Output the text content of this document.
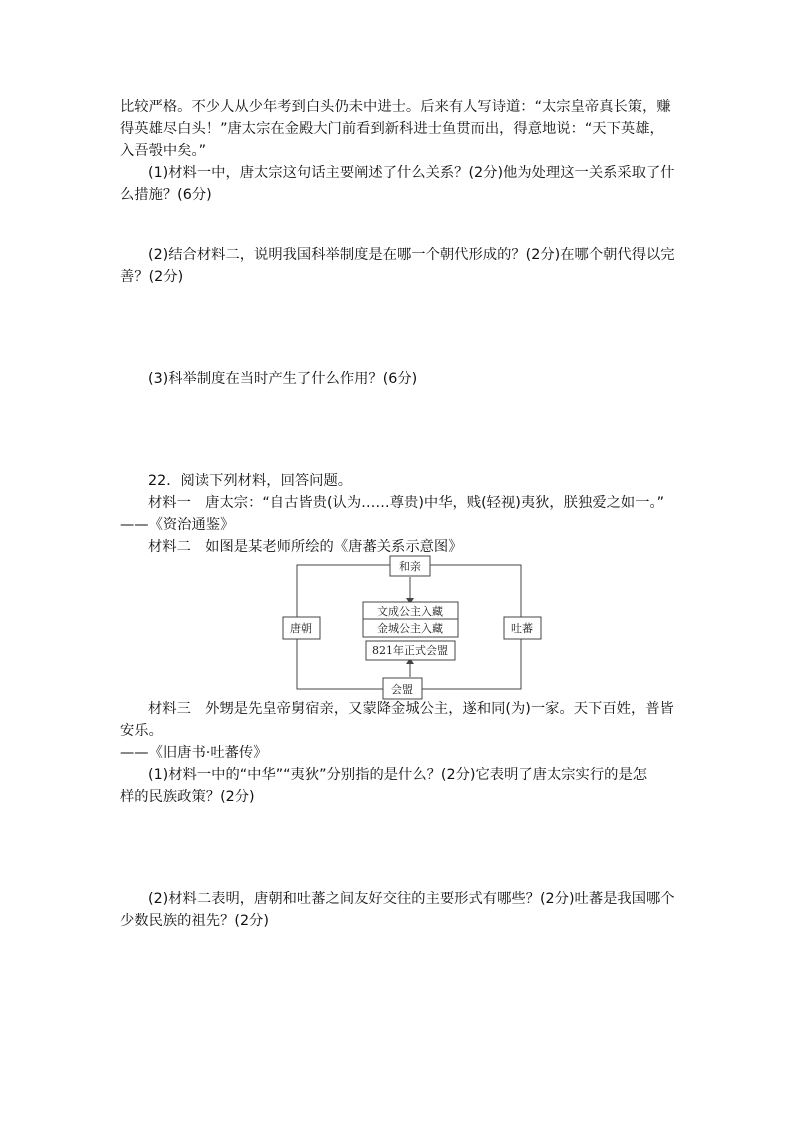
比较严格。不少人从少年考到白头仍未中进士。后来有人写诗道：“太宗皇帝真长策，赚
得英雄尽白头！”唐太宗在金殿大门前看到新科进士鱼贯而出，得意地说：“天下英雄，
入吾彀中矣。”
(1)材料一中，唐太宗这句话主要阐述了什么关系？(2分)他为处理这一关系采取了什
么措施？(6分)
(2)结合材料二，说明我国科举制度是在哪一个朝代形成的？(2分)在哪个朝代得以完
善？(2分)
(3)科举制度在当时产生了什么作用？(6分)
22．阅读下列材料，回答问题。
材料一　唐太宗：“自古皆贵(认为……尊贵)中华，贱(轻视)夷狄，朕独爱之如一。”
——《资治通鉴》
材料二　如图是某老师所绘的《唐蕃关系示意图》
和亲
文成公主入藏
金城公主入藏
唐朝	吐蕃
821年正式会盟
会盟
材料三　外甥是先皇帝舅宿亲，又蒙降金城公主，遂和同(为)一家。天下百姓，普皆
安乐。
——《旧唐书·吐蕃传》
(1)材料一中的“中华”“夷狄”分别指的是什么？(2分)它表明了唐太宗实行的是怎
样的民族政策？(2分)
(2)材料二表明，唐朝和吐蕃之间友好交往的主要形式有哪些？(2分)吐蕃是我国哪个
少数民族的祖先？(2分)
